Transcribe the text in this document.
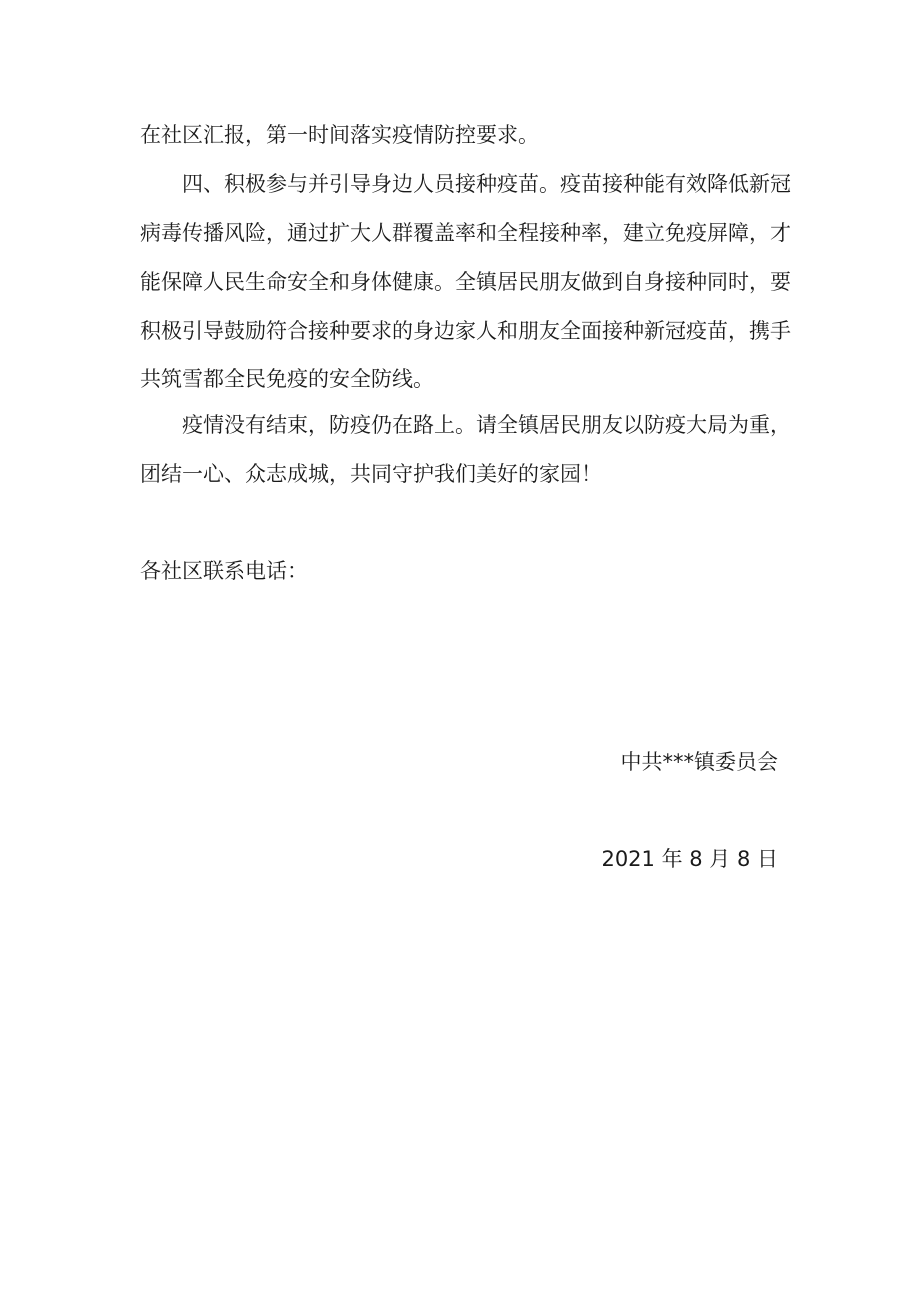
在社区汇报，第一时间落实疫情防控要求。
四、积极参与并引导身边人员接种疫苗。疫苗接种能有效降低新冠
病毒传播风险，通过扩大人群覆盖率和全程接种率，建立免疫屏障，才
能保障人民生命安全和身体健康。全镇居民朋友做到自身接种同时，要
积极引导鼓励符合接种要求的身边家人和朋友全面接种新冠疫苗，携手
共筑雪都全民免疫的安全防线。
疫情没有结束，防疫仍在路上。请全镇居民朋友以防疫大局为重，
团结一心、众志成城，共同守护我们美好的家园！
各社区联系电话：
中共***镇委员会
2021 年 8 月 8 日
